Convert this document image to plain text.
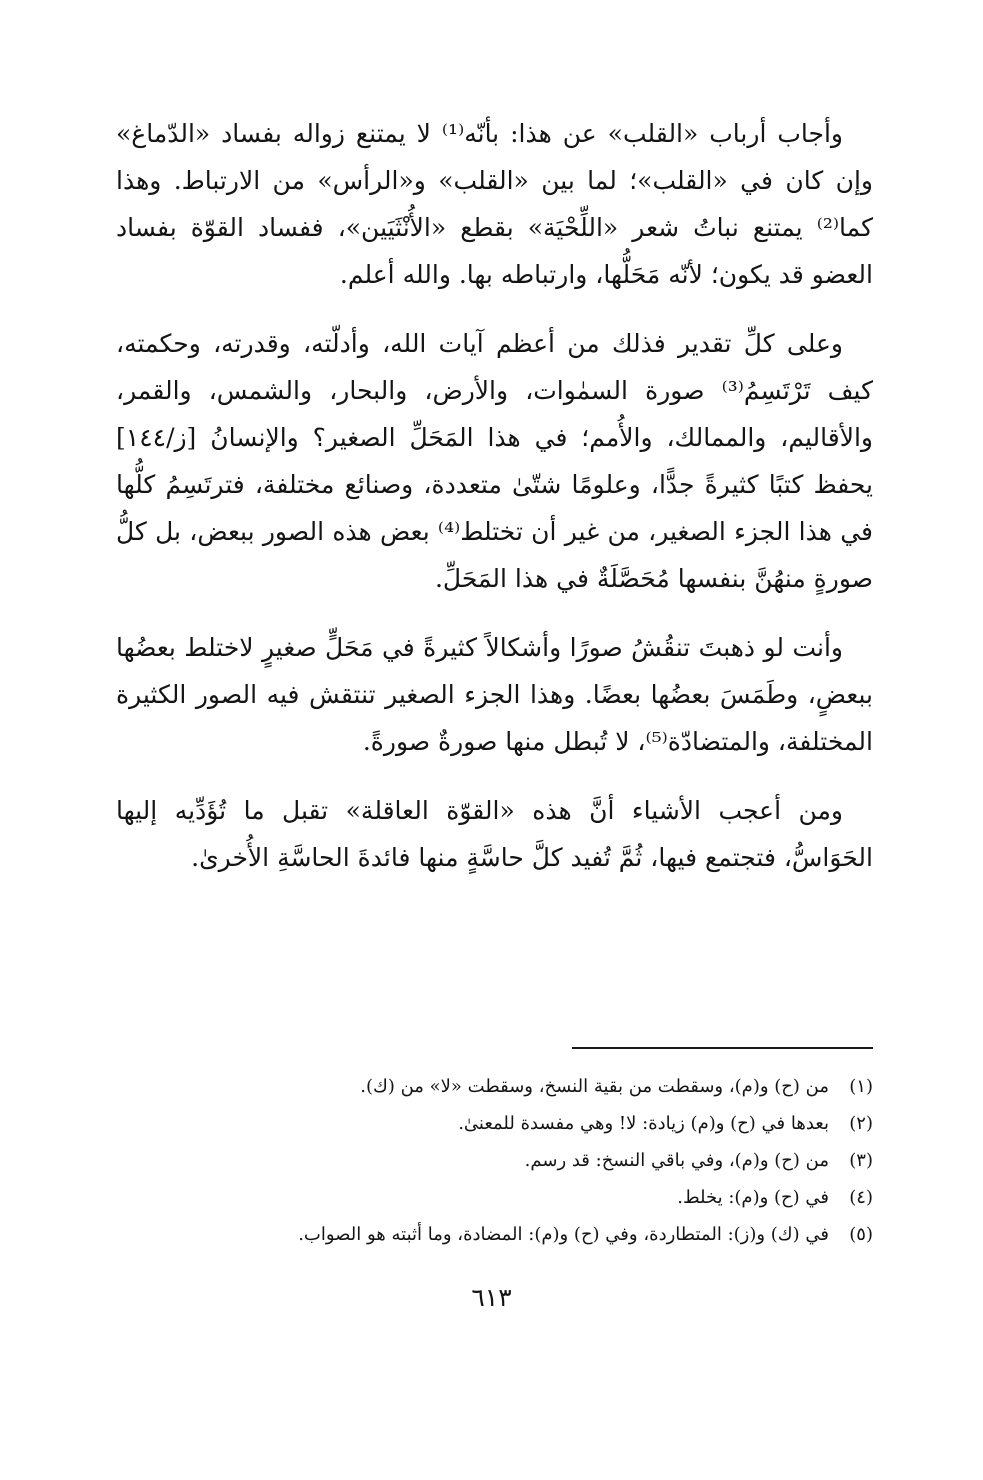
وأجاب أرباب «القلب» عن هذا: بأنّه⁽¹⁾ لا يمتنع زواله بفساد «الدّماغ» وإن كان في «القلب»؛ لما بين «القلب» و«الرأس» من الارتباط. وهذا كما⁽²⁾ يمتنع نباتُ شعر «اللِّحْيَة» بقطع «الأُنْثَيَين»، ففساد القوّة بفساد العضو قد يكون؛ لأنّه مَحَلُّها، وارتباطه بها. والله أعلم.

وعلى كلِّ تقدير فذلك من أعظم آيات الله، وأدلّته، وقدرته، وحكمته، كيف تَرْتَسِمُ⁽³⁾ صورة السمٰوات، والأرض، والبحار، والشمس، والقمر، والأقاليم، والممالك، والأُمم؛ في هذا المَحَلِّ الصغير؟ والإنسانُ [ز/١٤٤] يحفظ كتبًا كثيرةً جدًّا، وعلومًا شتّىٰ متعددة، وصنائع مختلفة، فترتَسِمُ كلُّها في هذا الجزء الصغير، من غير أن تختلط⁽⁴⁾ بعض هذه الصور ببعض، بل كلُّ صورةٍ منهُنَّ بنفسها مُحَصَّلَةٌ في هذا المَحَلِّ.

وأنت لو ذهبتَ تنقُشُ صورًا وأشكالاً كثيرةً في مَحَلٍّ صغيرٍ لاختلط بعضُها ببعضٍ، وطَمَسَ بعضُها بعضًا. وهذا الجزء الصغير تنتقش فيه الصور الكثيرة المختلفة، والمتضادّة⁽⁵⁾، لا تُبطل منها صورةٌ صورةً.

ومن أعجب الأشياء أنَّ هذه «القوّة العاقلة» تقبل ما تُؤَدِّيه إليها الحَوَاسُّ، فتجتمع فيها، ثُمَّ تُفيد كلَّ حاسَّةٍ منها فائدةَ الحاسَّةِ الأُخرىٰ.

(١)
من (ح) و(م)، وسقطت من بقية النسخ، وسقطت «لا» من (ك).
(٢)
بعدها في (ح) و(م) زيادة: لا! وهي مفسدة للمعنىٰ.
(٣)
من (ح) و(م)، وفي باقي النسخ: قد رسم.
(٤)
في (ح) و(م): يخلط.
(٥)
في (ك) و(ز): المتطاردة، وفي (ح) و(م): المضادة، وما أثبته هو الصواب.
٦١٣
